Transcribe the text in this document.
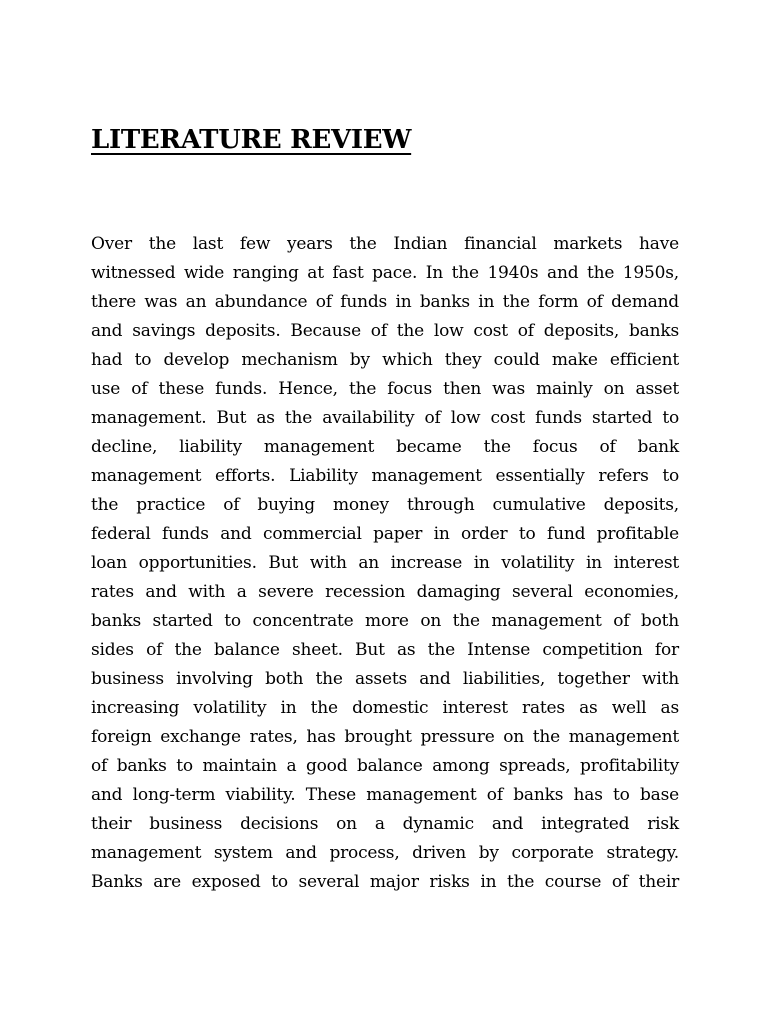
LITERATURE REVIEW
Over the last few years the Indian financial markets have
witnessed wide ranging at fast pace. In the 1940s and the 1950s,
there was an abundance of funds in banks in the form of demand
and savings deposits. Because of the low cost of deposits, banks
had to develop mechanism by which they could make efficient
use of these funds. Hence, the focus then was mainly on asset
management. But as the availability of low cost funds started to
decline, liability management became the focus of bank
management efforts. Liability management essentially refers to
the practice of buying money through cumulative deposits,
federal funds and commercial paper in order to fund profitable
loan opportunities. But with an increase in volatility in interest
rates and with a severe recession damaging several economies,
banks started to concentrate more on the management of both
sides of the balance sheet. But as the Intense competition for
business involving both the assets and liabilities, together with
increasing volatility in the domestic interest rates as well as
foreign exchange rates, has brought pressure on the management
of banks to maintain a good balance among spreads, profitability
and long-term viability. These management of banks has to base
their business decisions on a dynamic and integrated risk
management system and process, driven by corporate strategy.
Banks are exposed to several major risks in the course of their
